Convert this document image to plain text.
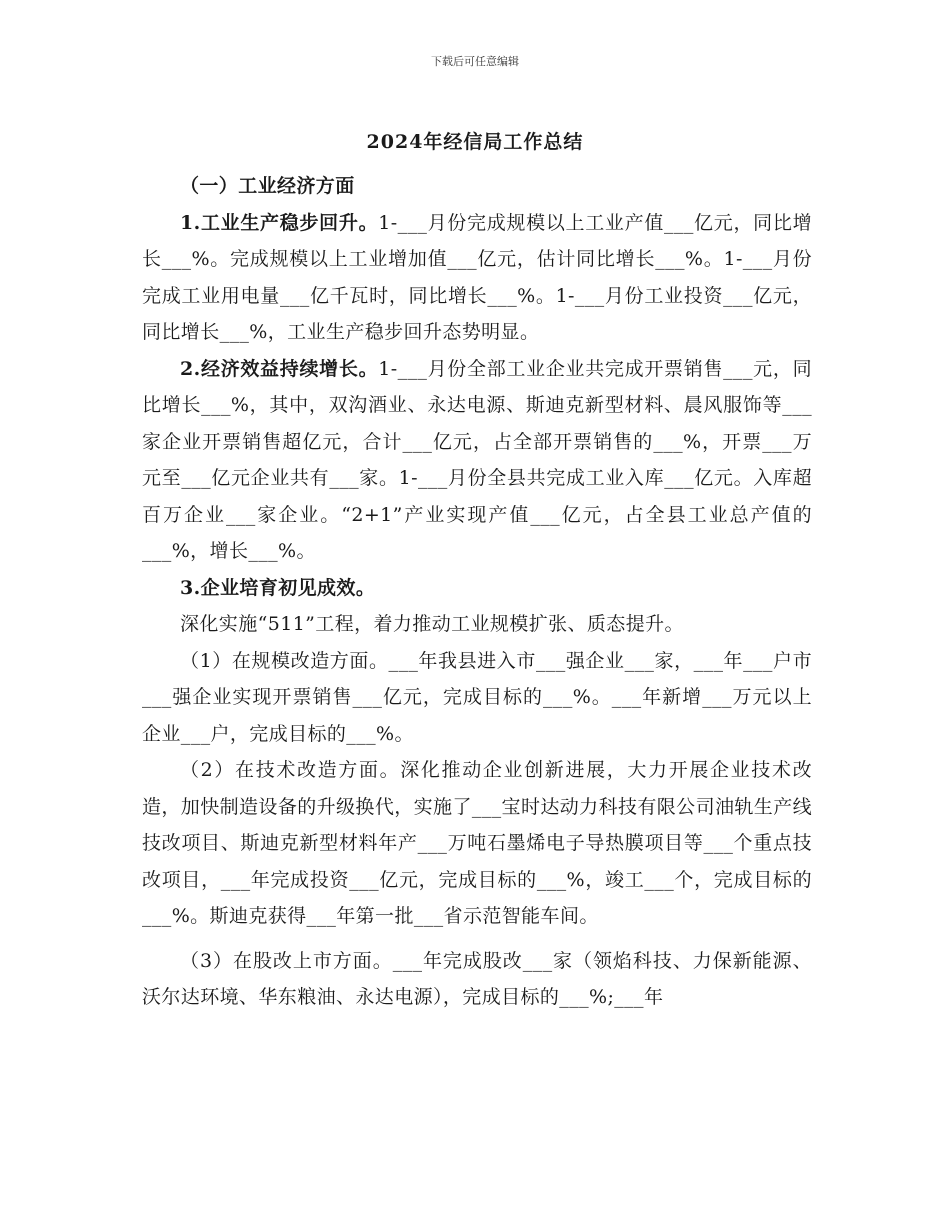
下载后可任意编辑
2024年经信局工作总结

（一）工业经济方面

1.工业生产稳步回升。1-___月份完成规模以上工业产值___亿元，同比增长___%。完成规模以上工业增加值___亿元，估计同比增长___%。1-___月份完成工业用电量___亿千瓦时，同比增长___%。1-___月份工业投资___亿元，同比增长___%，工业生产稳步回升态势明显。

2.经济效益持续增长。1-___月份全部工业企业共完成开票销售___元，同比增长___%，其中，双沟酒业、永达电源、斯迪克新型材料、晨风服饰等___家企业开票销售超亿元，合计___亿元，占全部开票销售的___%，开票___万元至___亿元企业共有___家。1-___月份全县共完成工业入库___亿元。入库超百万企业___家企业。“2+1”产业实现产值___亿元，占全县工业总产值的___%，增长___%。

3.企业培育初见成效。

深化实施“511”工程，着力推动工业规模扩张、质态提升。

（1）在规模改造方面。___年我县进入市___强企业___家，___年___户市___强企业实现开票销售___亿元，完成目标的___%。___年新增___万元以上企业___户，完成目标的___%。

（2）在技术改造方面。深化推动企业创新进展，大力开展企业技术改造，加快制造设备的升级换代，实施了___宝时达动力科技有限公司油轨生产线技改项目、斯迪克新型材料年产___万吨石墨烯电子导热膜项目等___个重点技改项目，___年完成投资___亿元，完成目标的___%，竣工___个，完成目标的___%。斯迪克获得___年第一批___省示范智能车间。

（3）在股改上市方面。___年完成股改___家（领焰科技、力保新能源、沃尔达环境、华东粮油、永达电源），完成目标的___%;___年
